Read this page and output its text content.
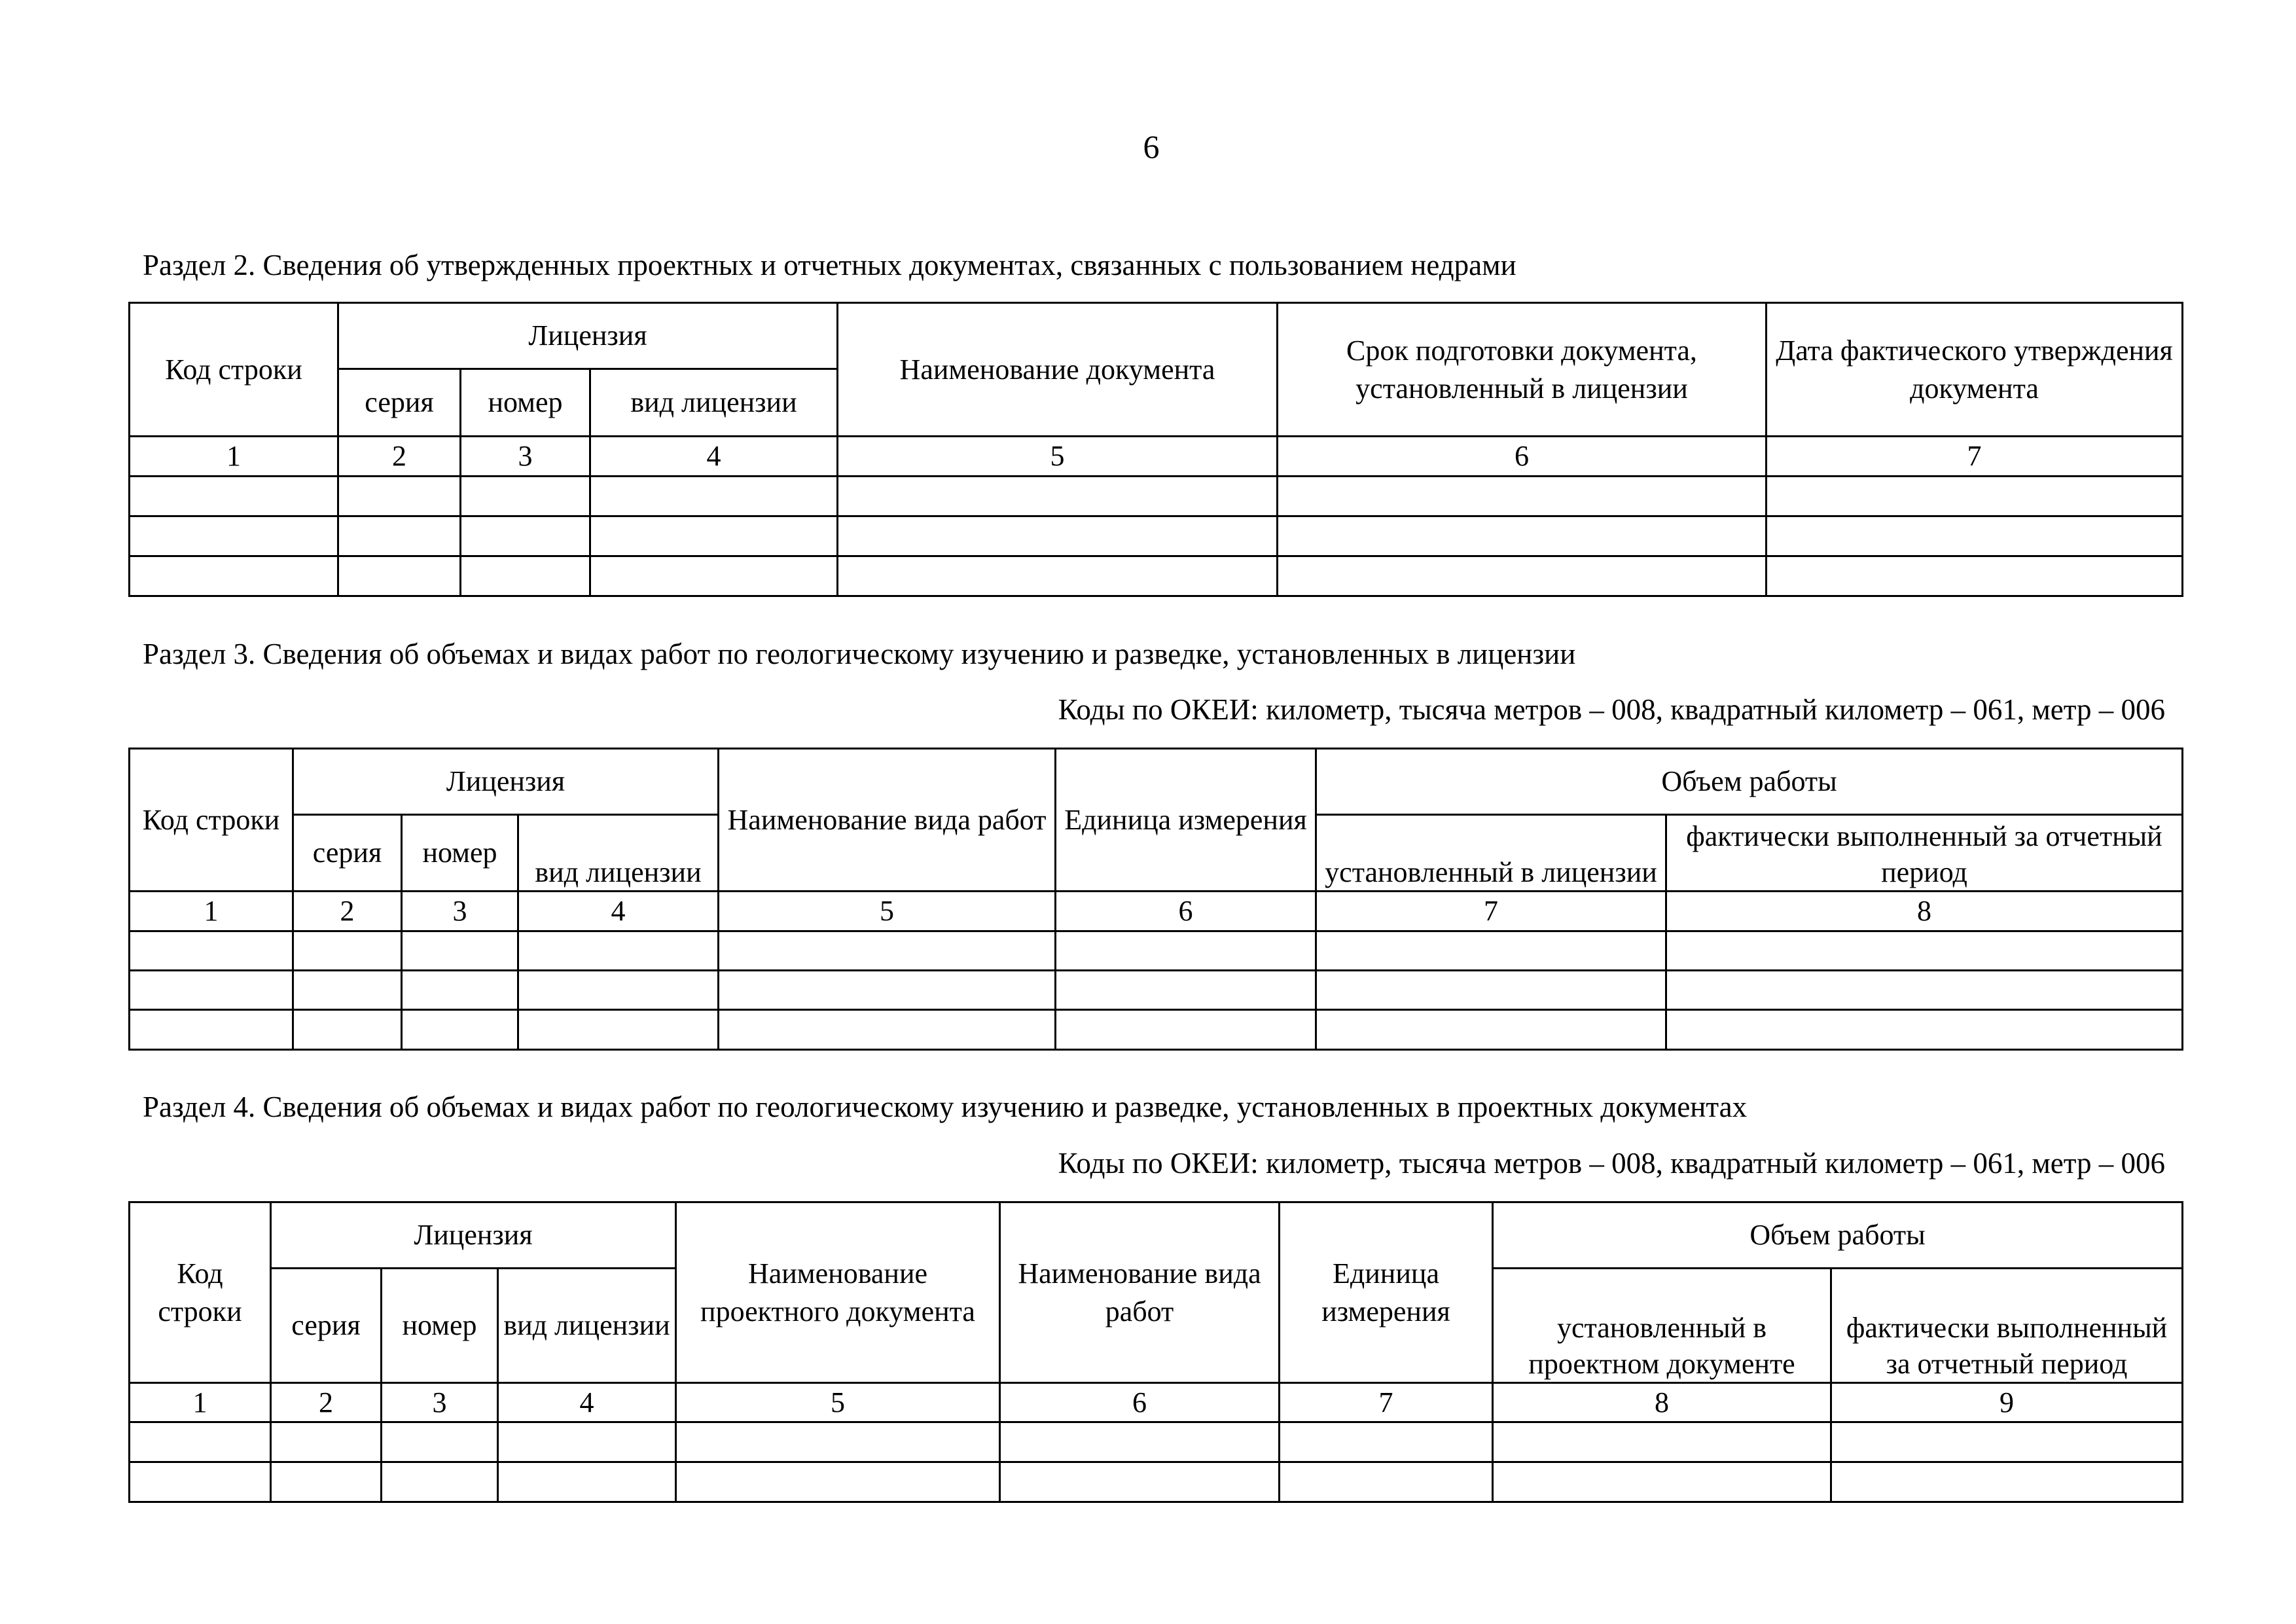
6
Раздел 2. Сведения об утвержденных проектных и отчетных документах, связанных с пользованием недрами
Код строки	Лицензия			Наименование документа	Срок подготовки документа, установленный в лицензии	Дата фактического утверждения документа
	серия	номер	вид лицензии			
1	2	3	4	5	6	7

Раздел 3. Сведения об объемах и видах работ по геологическому изучению и разведке, установленных в лицензии
Коды по ОКЕИ: километр, тысяча метров – 008, квадратный километр – 061, метр – 006
Код строки	Лицензия			Наименование вида работ	Единица измерения	Объем работы	
	серия	номер	вид лицензии			установленный в лицензии	фактически выполненный за отчетный период
1	2	3	4	5	6	7	8

Раздел 4. Сведения об объемах и видах работ по геологическому изучению и разведке, установленных в проектных документах
Коды по ОКЕИ: километр, тысяча метров – 008, квадратный километр – 061, метр – 006
Код строки	Лицензия			Наименование проектного документа	Наименование вида работ	Единица измерения	Объем работы	
	серия	номер	вид лицензии				установленный в проектном документе	фактически выполненный за отчетный период
1	2	3	4	5	6	7	8	9
